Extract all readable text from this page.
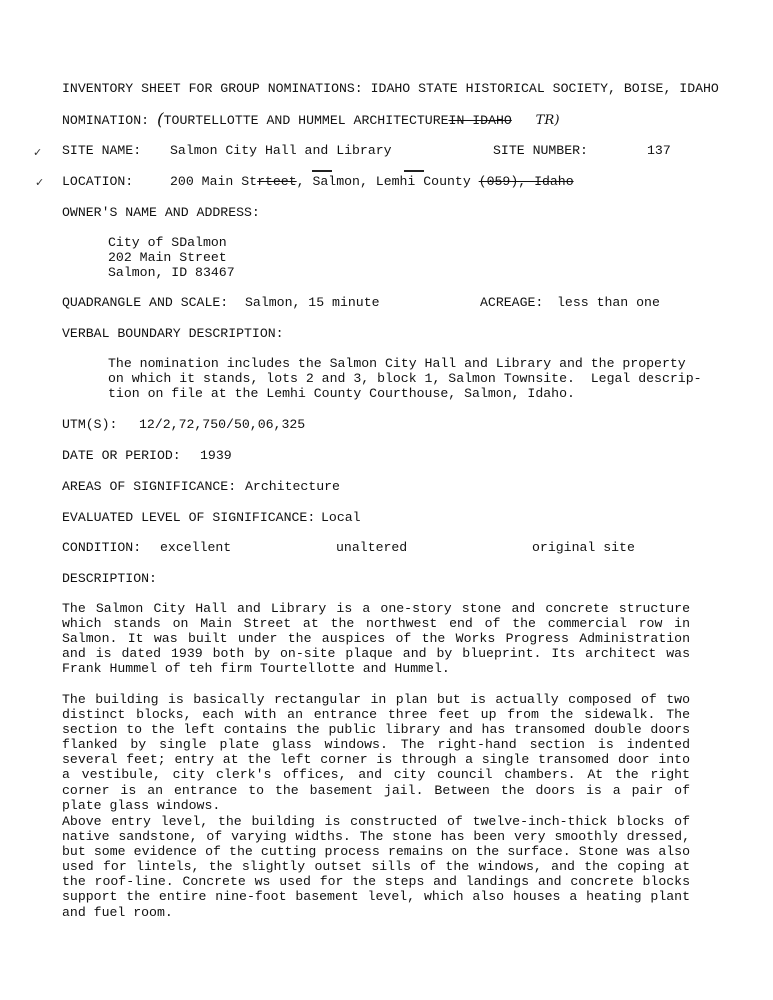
INVENTORY SHEET FOR GROUP NOMINATIONS: IDAHO STATE HISTORICAL SOCIETY, BOISE, IDAHO
NOMINATION: (TOURTELLOTTE AND HUMMEL ARCHITECTUREIN IDAHO TR)
✓
✓
SITE NAME: Salmon City Hall and Library	SITE NUMBER:	137
LOCATION:	200 Main Strteet, Salmon, Lemhi County (059), Idaho
OWNER'S NAME AND ADDRESS:
City of SDalmon
202 Main Street
Salmon, ID 83467
QUADRANGLE AND SCALE: Salmon, 15 minute	ACREAGE: less than one
VERBAL BOUNDARY DESCRIPTION:
The nomination includes the Salmon City Hall and Library and the property
on which it stands, lots 2 and 3, block 1, Salmon Townsite.  Legal descrip-
tion on file at the Lemhi County Courthouse, Salmon, Idaho.
UTM(S): 12/2,72,750/50,06,325
DATE OR PERIOD: 1939
AREAS OF SIGNIFICANCE: Architecture
EVALUATED LEVEL OF SIGNIFICANCE: Local
CONDITION: excellent	unaltered	original site
DESCRIPTION:
The Salmon City Hall and Library is a one-story stone and concrete structure which stands on Main Street at the northwest end of the commercial row in Salmon. It was built under the auspices of the Works Progress Administration and is dated 1939 both by on-site plaque and by blueprint. Its architect was Frank Hummel of teh firm Tourtellotte and Hummel.
The building is basically rectangular in plan but is actually composed of two distinct blocks, each with an entrance three feet up from the sidewalk. The section to the left contains the public library and has transomed double doors flanked by single plate glass windows. The right-hand section is indented several feet; entry at the left corner is through a single transomed door into a vestibule, city clerk's offices, and city council chambers. At the right corner is an entrance to the basement jail. Between the doors is a pair of plate glass windows.
Above entry level, the building is constructed of twelve-inch-thick blocks of native sandstone, of varying widths. The stone has been very smoothly dressed, but some evidence of the cutting process remains on the surface. Stone was also used for lintels, the slightly outset sills of the windows, and the coping at the roof-line. Concrete ws used for the steps and landings and concrete blocks support the entire nine-foot basement level, which also houses a heating plant and fuel room.
